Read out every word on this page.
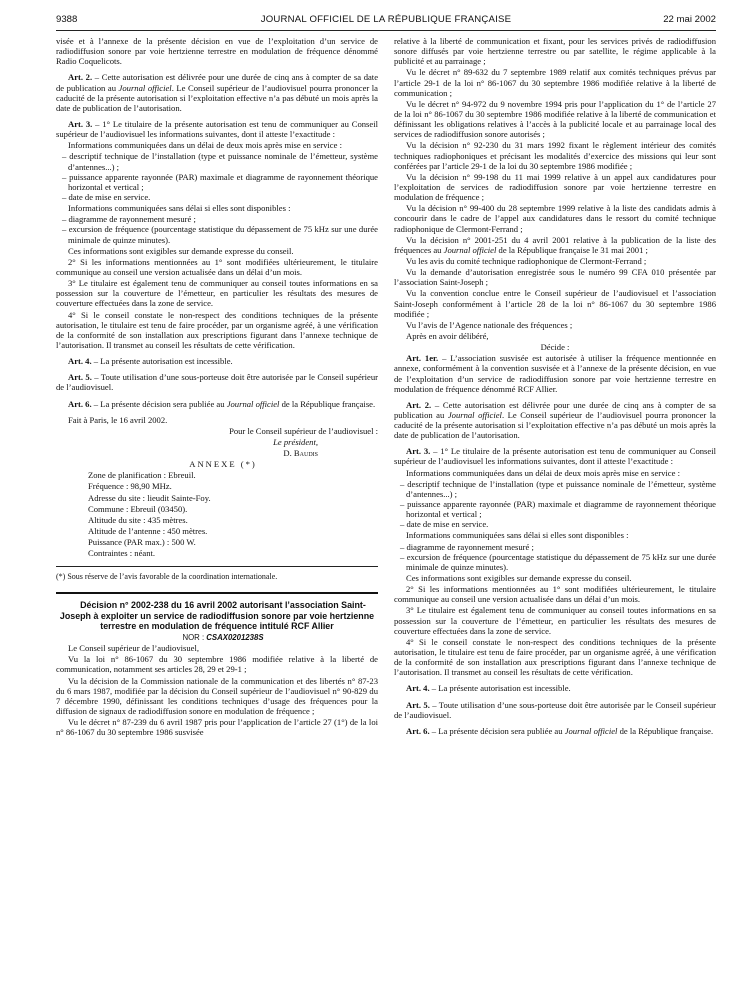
9388	JOURNAL OFFICIEL DE LA RÉPUBLIQUE FRANÇAISE	22 mai 2002

visée et à l’annexe de la présente décision en vue de l’exploitation d’un service de radiodiffusion sonore par voie hertzienne terrestre en modulation de fréquence dénommé Radio Coquelicots.

Art. 2. – Cette autorisation est délivrée pour une durée de cinq ans à compter de sa date de publication au Journal officiel. Le Conseil supérieur de l’audiovisuel pourra prononcer la caducité de la présente autorisation si l’exploitation effective n’a pas débuté un mois après la date de publication de l’autorisation.

Art. 3. – 1° Le titulaire de la présente autorisation est tenu de communiquer au Conseil supérieur de l’audiovisuel les informations suivantes, dont il atteste l’exactitude :

Informations communiquées dans un délai de deux mois après mise en service :

– descriptif technique de l’installation (type et puissance nominale de l’émetteur, système d’antennes...) ;
– puissance apparente rayonnée (PAR) maximale et diagramme de rayonnement théorique horizontal et vertical ;
– date de mise en service.

Informations communiquées sans délai si elles sont disponibles :

– diagramme de rayonnement mesuré ;
– excursion de fréquence (pourcentage statistique du dépassement de 75 kHz sur une durée minimale de quinze minutes).

Ces informations sont exigibles sur demande expresse du conseil.

2° Si les informations mentionnées au 1° sont modifiées ultérieurement, le titulaire communique au conseil une version actualisée dans un délai d’un mois.

3° Le titulaire est également tenu de communiquer au conseil toutes informations en sa possession sur la couverture de l’émetteur, en particulier les résultats des mesures de couverture effectuées dans la zone de service.

4° Si le conseil constate le non-respect des conditions techniques de la présente autorisation, le titulaire est tenu de faire procéder, par un organisme agréé, à une vérification de la conformité de son installation aux prescriptions figurant dans l’annexe technique de l’autorisation. Il transmet au conseil les résultats de cette vérification.

Art. 4. – La présente autorisation est incessible.

Art. 5. – Toute utilisation d’une sous-porteuse doit être autorisée par le Conseil supérieur de l’audiovisuel.

Art. 6. – La présente décision sera publiée au Journal officiel de la République française.

Fait à Paris, le 16 avril 2002.

Pour le Conseil supérieur de l’audiovisuel :

Le président,

D. Baudis

ANNEXE (*)

Zone de planification : Ebreuil.

Fréquence : 98,90 MHz.

Adresse du site : lieudit Sainte-Foy.

Commune : Ebreuil (03450).

Altitude du site : 435 mètres.

Altitude de l’antenne : 450 mètres.

Puissance (PAR max.) : 500 W.

Contraintes : néant.

(*) Sous réserve de l’avis favorable de la coordination internationale.

Décision n° 2002-238 du 16 avril 2002 autorisant l’association Saint-Joseph à exploiter un service de radiodiffusion sonore par voie hertzienne terrestre en modulation de fréquence intitulé RCF Allier

NOR : CSAX0201238S

Le Conseil supérieur de l’audiovisuel,

Vu la loi n° 86-1067 du 30 septembre 1986 modifiée relative à la liberté de communication, notamment ses articles 28, 29 et 29-1 ;

Vu la décision de la Commission nationale de la communication et des libertés n° 87-23 du 6 mars 1987, modifiée par la décision du Conseil supérieur de l’audiovisuel n° 90-829 du 7 décembre 1990, définissant les conditions techniques d’usage des fréquences pour la diffusion de signaux de radiodiffusion sonore en modulation de fréquence ;

Vu le décret n° 87-239 du 6 avril 1987 pris pour l’application de l’article 27 (1°) de la loi n° 86-1067 du 30 septembre 1986 susvisée

relative à la liberté de communication et fixant, pour les services privés de radiodiffusion sonore diffusés par voie hertzienne terrestre ou par satellite, le régime applicable à la publicité et au parrainage ;

Vu le décret n° 89-632 du 7 septembre 1989 relatif aux comités techniques prévus par l’article 29-1 de la loi n° 86-1067 du 30 septembre 1986 modifiée relative à la liberté de communication ;

Vu le décret n° 94-972 du 9 novembre 1994 pris pour l’application du 1° de l’article 27 de la loi n° 86-1067 du 30 septembre 1986 modifiée relative à la liberté de communication et définissant les obligations relatives à l’accès à la publicité locale et au parrainage local des services de radiodiffusion sonore autorisés ;

Vu la décision n° 92-230 du 31 mars 1992 fixant le règlement intérieur des comités techniques radiophoniques et précisant les modalités d’exercice des missions qui leur sont conférées par l’article 29-1 de la loi du 30 septembre 1986 modifiée ;

Vu la décision n° 99-198 du 11 mai 1999 relative à un appel aux candidatures pour l’exploitation de services de radiodiffusion sonore par voie hertzienne terrestre en modulation de fréquence ;

Vu la décision n° 99-400 du 28 septembre 1999 relative à la liste des candidats admis à concourir dans le cadre de l’appel aux candidatures dans le ressort du comité technique radiophonique de Clermont-Ferrand ;

Vu la décision n° 2001-251 du 4 avril 2001 relative à la publication de la liste des fréquences au Journal officiel de la République française le 31 mai 2001 ;

Vu les avis du comité technique radiophonique de Clermont-Ferrand ;

Vu la demande d’autorisation enregistrée sous le numéro 99 CFA 010 présentée par l’association Saint-Joseph ;

Vu la convention conclue entre le Conseil supérieur de l’audiovisuel et l’association Saint-Joseph conformément à l’article 28 de la loi n° 86-1067 du 30 septembre 1986 modifiée ;

Vu l’avis de l’Agence nationale des fréquences ;

Après en avoir délibéré,

Décide :

Art. 1er. – L’association susvisée est autorisée à utiliser la fréquence mentionnée en annexe, conformément à la convention susvisée et à l’annexe de la présente décision, en vue de l’exploitation d’un service de radiodiffusion sonore par voie hertzienne terrestre en modulation de fréquence dénommé RCF Allier.

Art. 2. – Cette autorisation est délivrée pour une durée de cinq ans à compter de sa publication au Journal officiel. Le Conseil supérieur de l’audiovisuel pourra prononcer la caducité de la présente autorisation si l’exploitation effective n’a pas débuté un mois après la date de publication de l’autorisation.

Art. 3. – 1° Le titulaire de la présente autorisation est tenu de communiquer au Conseil supérieur de l’audiovisuel les informations suivantes, dont il atteste l’exactitude :

Informations communiquées dans un délai de deux mois après mise en service :

– descriptif technique de l’installation (type et puissance nominale de l’émetteur, système d’antennes...) ;
– puissance apparente rayonnée (PAR) maximale et diagramme de rayonnement théorique horizontal et vertical ;
– date de mise en service.

Informations communiquées sans délai si elles sont disponibles :

– diagramme de rayonnement mesuré ;
– excursion de fréquence (pourcentage statistique du dépassement de 75 kHz sur une durée minimale de quinze minutes).

Ces informations sont exigibles sur demande expresse du conseil.

2° Si les informations mentionnées au 1° sont modifiées ultérieurement, le titulaire communique au conseil une version actualisée dans un délai d’un mois.

3° Le titulaire est également tenu de communiquer au conseil toutes informations en sa possession sur la couverture de l’émetteur, en particulier les résultats des mesures de couverture effectuées dans la zone de service.

4° Si le conseil constate le non-respect des conditions techniques de la présente autorisation, le titulaire est tenu de faire procéder, par un organisme agréé, à une vérification de la conformité de son installation aux prescriptions figurant dans l’annexe technique de l’autorisation. Il transmet au conseil les résultats de cette vérification.

Art. 4. – La présente autorisation est incessible.

Art. 5. – Toute utilisation d’une sous-porteuse doit être autorisée par le Conseil supérieur de l’audiovisuel.

Art. 6. – La présente décision sera publiée au Journal officiel de la République française.
